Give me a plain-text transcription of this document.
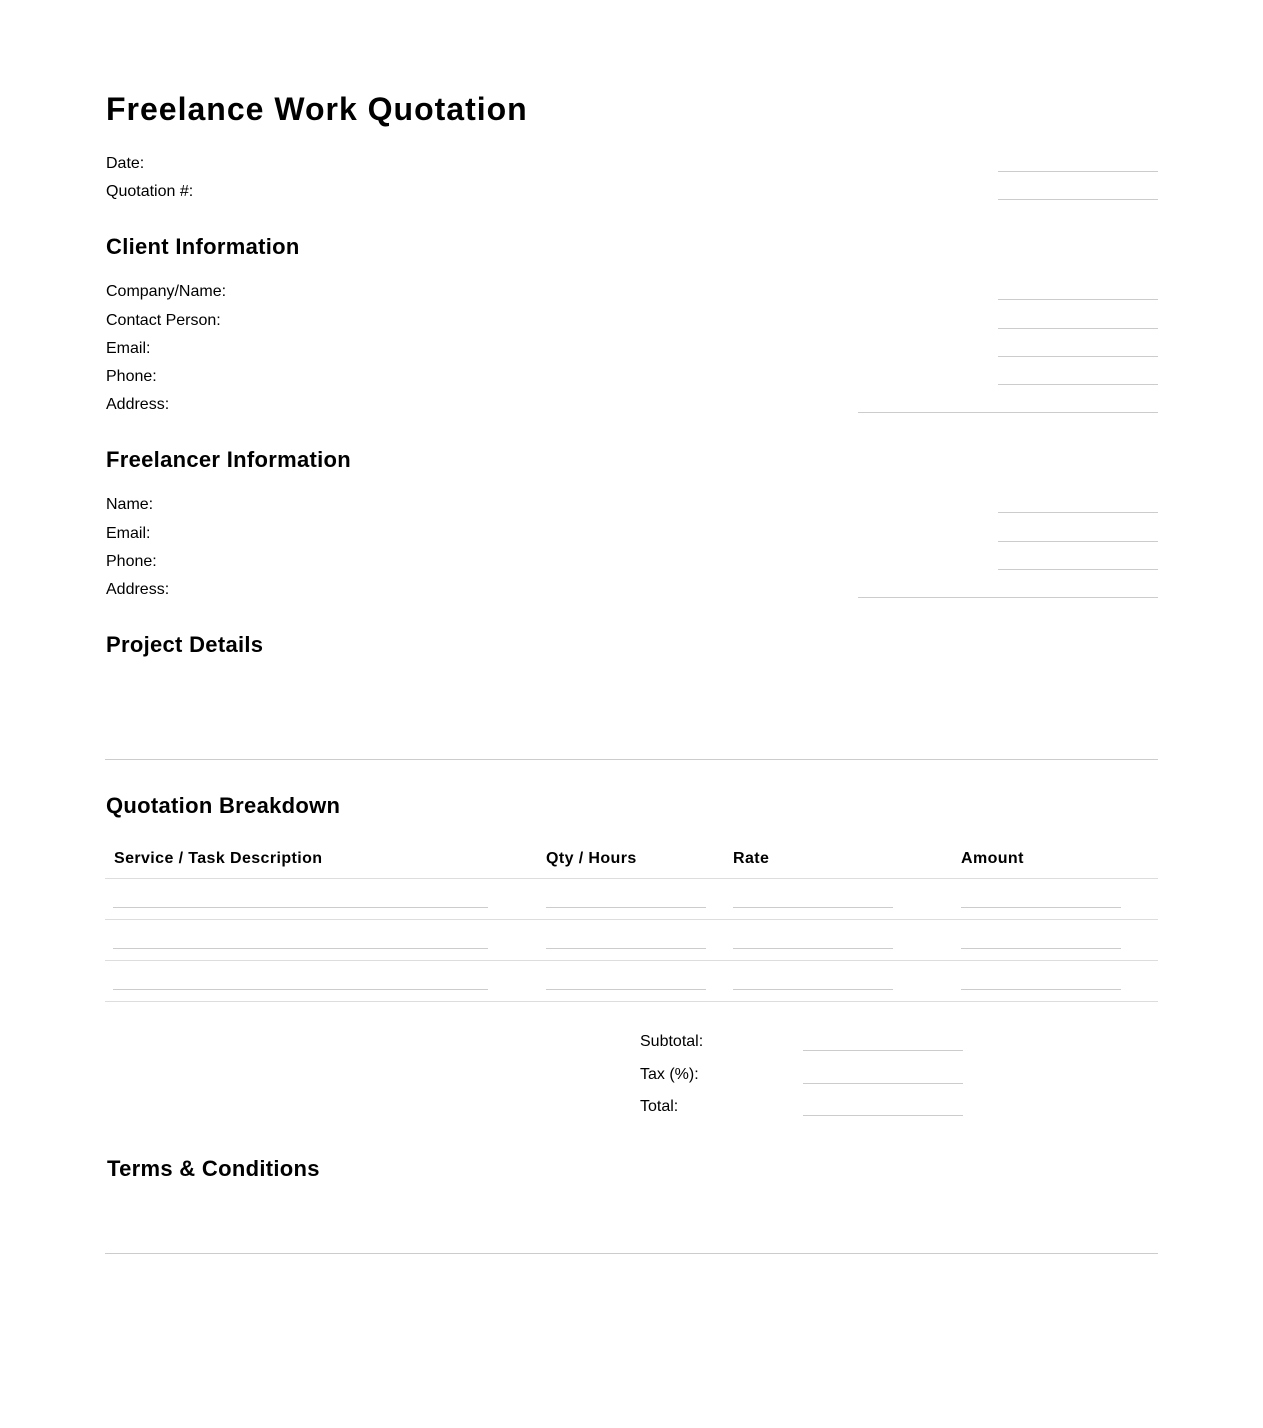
Freelance Work Quotation
Date:
Quotation #:
Client Information
Company/Name:
Contact Person:
Email:
Phone:
Address:
Freelancer Information
Name:
Email:
Phone:
Address:
Project Details
Quotation Breakdown
Service / Task Description	Qty / Hours	Rate	Amount
Subtotal:
Tax (%):
Total:
Terms & Conditions
